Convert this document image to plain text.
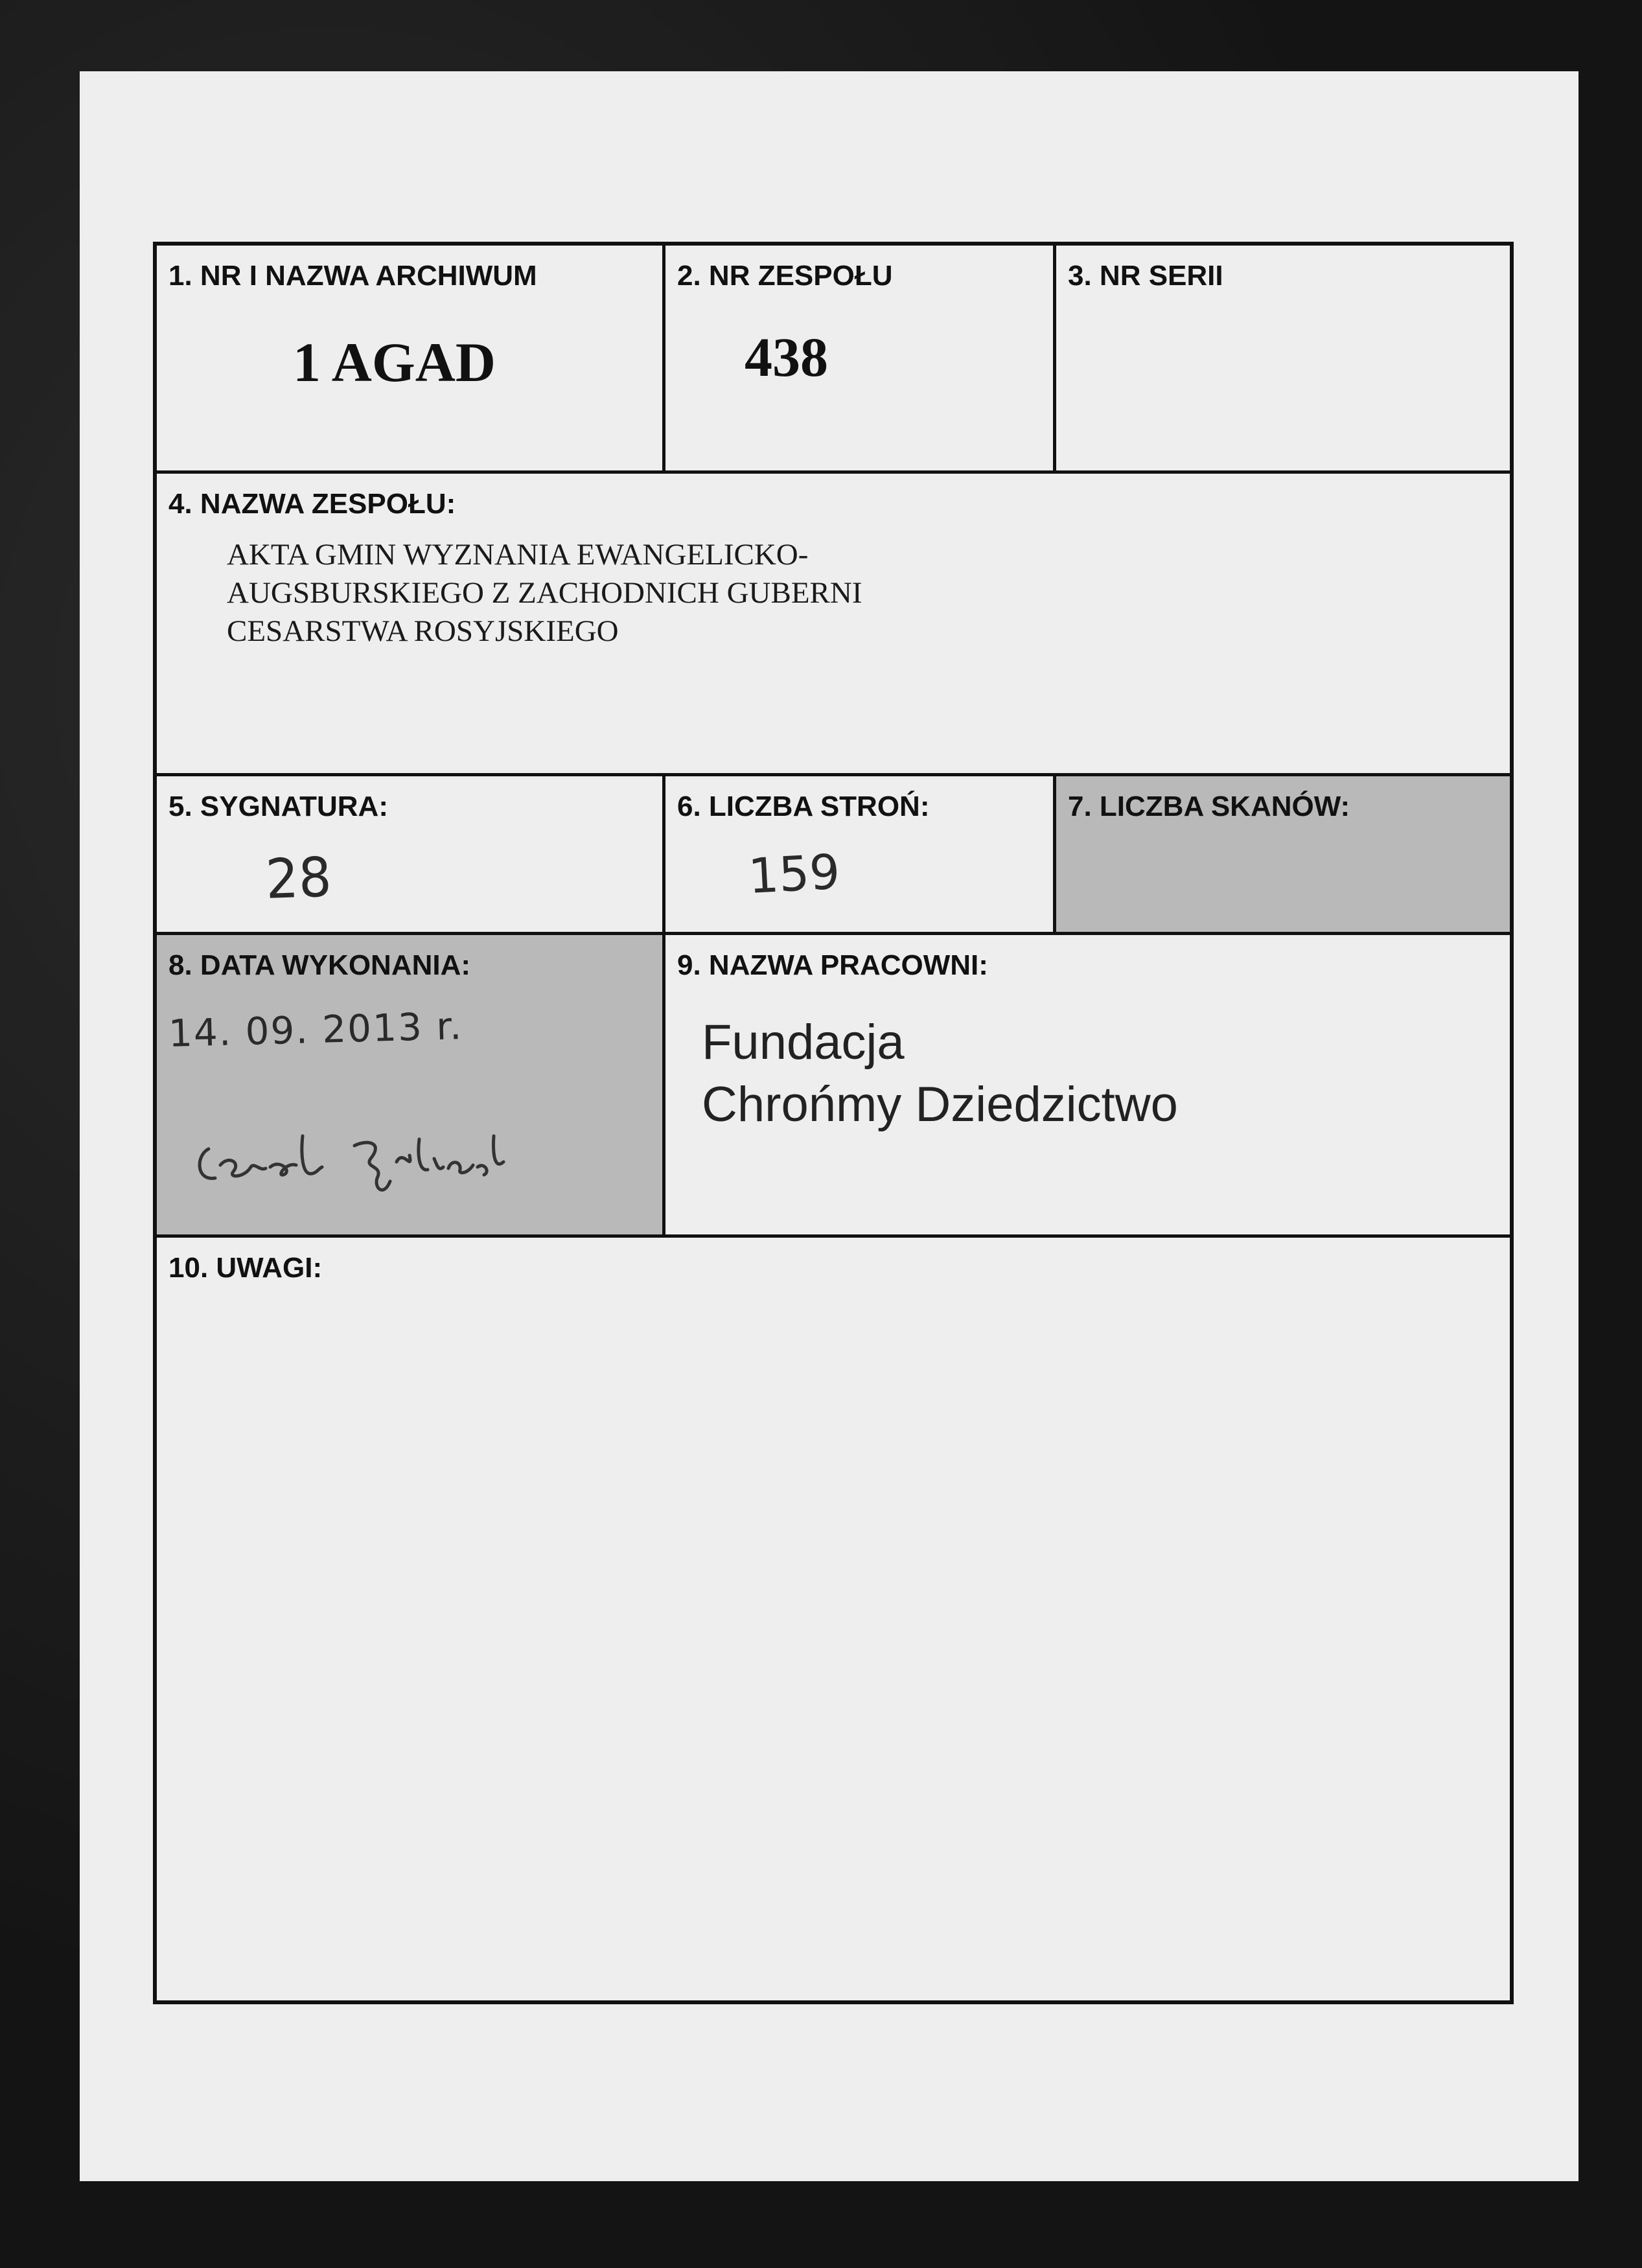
1. NR I NAZWA ARCHIWUM
1 AGAD
2. NR ZESPOŁU
438
3. NR SERII
4. NAZWA ZESPOŁU:
AKTA GMIN WYZNANIA EWANGELICKO-
AUGSBURSKIEGO Z ZACHODNICH GUBERNI
CESARSTWA ROSYJSKIEGO
5. SYGNATURA:
28
6. LICZBA STROŃ:
159
7. LICZBA SKANÓW:
8. DATA WYKONANIA:
14. 09. 2013 r.
9. NAZWA PRACOWNI:
Fundacja
Chrońmy Dziedzictwo
10. UWAGI:
